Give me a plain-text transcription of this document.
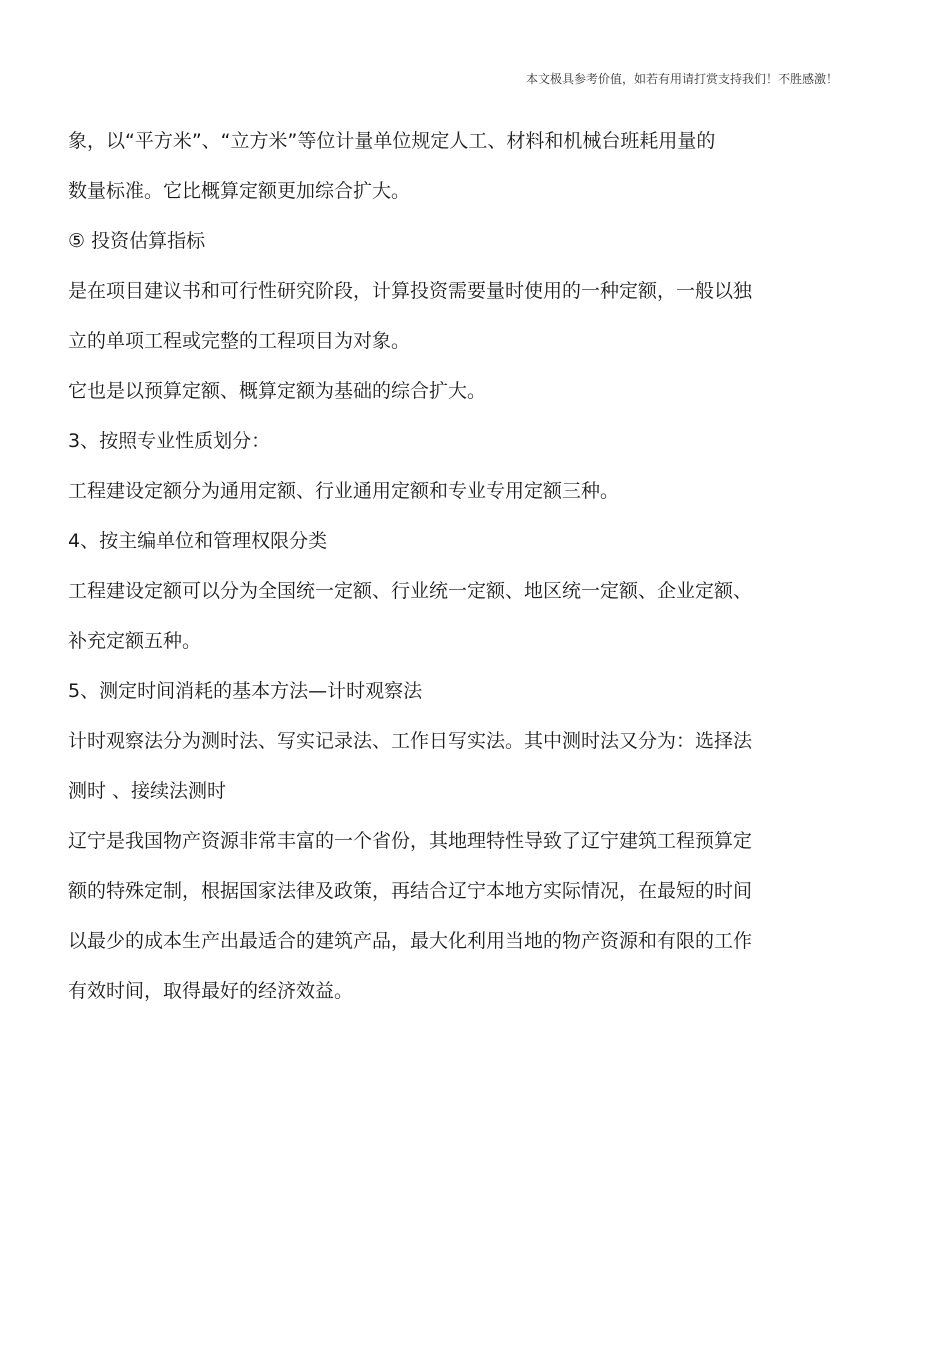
本文极具参考价值，如若有用请打赏支持我们！不胜感激！
象，以“平方米”、“立方米”等位计量单位规定人工、材料和机械台班耗用量的
数量标准。它比概算定额更加综合扩大。
⑤ 投资估算指标
是在项目建议书和可行性研究阶段，计算投资需要量时使用的一种定额，一般以独
立的单项工程或完整的工程项目为对象。
它也是以预算定额、概算定额为基础的综合扩大。
3、按照专业性质划分：
工程建设定额分为通用定额、行业通用定额和专业专用定额三种。
4、按主编单位和管理权限分类
工程建设定额可以分为全国统一定额、行业统一定额、地区统一定额、企业定额、
补充定额五种。
5、测定时间消耗的基本方法—计时观察法
计时观察法分为测时法、写实记录法、工作日写实法。其中测时法又分为：选择法
测时 、接续法测时
辽宁是我国物产资源非常丰富的一个省份，其地理特性导致了辽宁建筑工程预算定
额的特殊定制，根据国家法律及政策，再结合辽宁本地方实际情况，在最短的时间
以最少的成本生产出最适合的建筑产品，最大化利用当地的物产资源和有限的工作
有效时间，取得最好的经济效益。
